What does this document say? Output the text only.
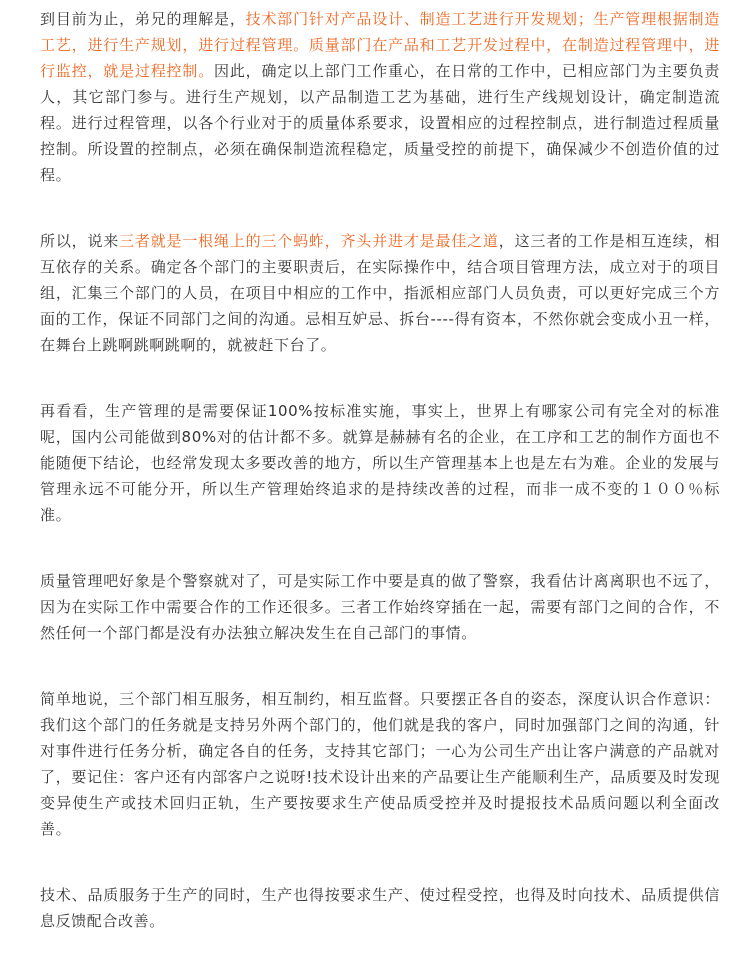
到目前为止，弟兄的理解是，技术部门针对产品设计、制造工艺进行开发规划；生产管理根据制造工艺，进行生产规划，进行过程管理。质量部门在产品和工艺开发过程中，在制造过程管理中，进行监控，就是过程控制。因此，确定以上部门工作重心，在日常的工作中，已相应部门为主要负责人，其它部门参与。进行生产规划，以产品制造工艺为基础，进行生产线规划设计，确定制造流程。进行过程管理，以各个行业对于的质量体系要求，设置相应的过程控制点，进行制造过程质量控制。所设置的控制点，必须在确保制造流程稳定，质量受控的前提下，确保减少不创造价值的过程。

所以，说来三者就是一根绳上的三个蚂蚱，齐头并进才是最佳之道，这三者的工作是相互连续，相互依存的关系。确定各个部门的主要职责后，在实际操作中，结合项目管理方法，成立对于的项目组，汇集三个部门的人员，在项目中相应的工作中，指派相应部门人员负责，可以更好完成三个方面的工作，保证不同部门之间的沟通。忌相互妒忌、拆台----得有资本，不然你就会变成小丑一样，在舞台上跳啊跳啊跳啊的，就被赶下台了。

再看看，生产管理的是需要保证100%按标准实施，事实上，世界上有哪家公司有完全对的标准呢，国内公司能做到80%对的估计都不多。就算是赫赫有名的企业，在工序和工艺的制作方面也不能随便下结论，也经常发现太多要改善的地方，所以生产管理基本上也是左右为难。企业的发展与管理永远不可能分开，所以生产管理始终追求的是持续改善的过程，而非一成不变的１００％标准。

质量管理吧好象是个警察就对了，可是实际工作中要是真的做了警察，我看估计离离职也不远了，因为在实际工作中需要合作的工作还很多。三者工作始终穿插在一起，需要有部门之间的合作，不然任何一个部门都是没有办法独立解决发生在自己部门的事情。

简单地说，三个部门相互服务，相互制约，相互监督。只要摆正各自的姿态，深度认识合作意识：我们这个部门的任务就是支持另外两个部门的，他们就是我的客户，同时加强部门之间的沟通，针对事件进行任务分析，确定各自的任务，支持其它部门；一心为公司生产出让客户满意的产品就对了，要记住：客户还有内部客户之说呀!技术设计出来的产品要让生产能顺利生产，品质要及时发现变异使生产或技术回归正轨，生产要按要求生产使品质受控并及时提报技术品质问题以利全面改善。

技术、品质服务于生产的同时，生产也得按要求生产、使过程受控，也得及时向技术、品质提供信息反馈配合改善。
